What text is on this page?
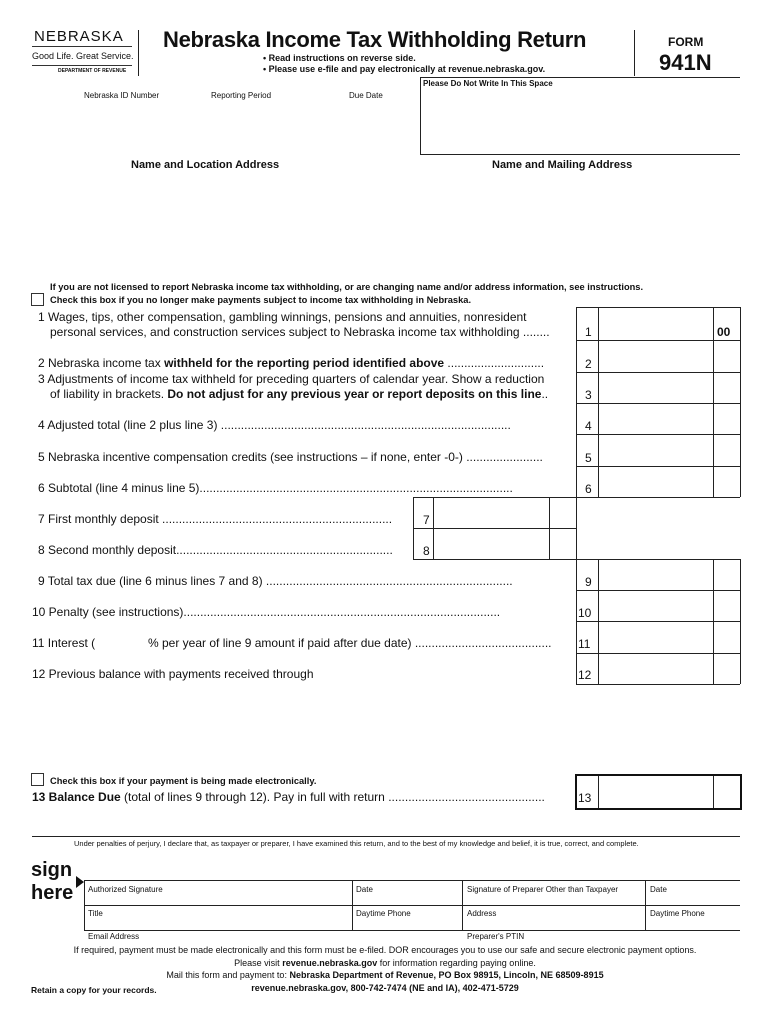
NEBRASKA
Good Life. Great Service.
DEPARTMENT OF REVENUE
Nebraska Income Tax Withholding Return
• Read instructions on reverse side.
• Please use e-file and pay electronically at revenue.nebraska.gov.
FORM
941N
Please Do Not Write In This Space
Nebraska ID Number	Reporting Period	Due Date
Name and Location Address	Name and Mailing Address
If you are not licensed to report Nebraska income tax withholding, or are changing name and/or address information, see instructions.
Check this box if you no longer make payments subject to income tax withholding in Nebraska.
1 Wages, tips, other compensation, gambling winnings, pensions and annuities, nonresident
personal services, and construction services subject to Nebraska income tax withholding ........	1	00
2 Nebraska income tax withheld for the reporting period identified above .............................	2
3 Adjustments of income tax withheld for preceding quarters of calendar year. Show a reduction
of liability in brackets. Do not adjust for any previous year or report deposits on this line..	3
4 Adjusted total (line 2 plus line 3) .......................................................................................	4
5 Nebraska incentive compensation credits (see instructions – if none, enter -0-) .......................	5
6 Subtotal (line 4 minus line 5)..............................................................................................	6
7 First monthly deposit .....................................................................	7
8 Second monthly deposit.................................................................	8
9 Total tax due (line 6 minus lines 7 and 8) ..........................................................................	9
10 Penalty (see instructions)...............................................................................................	10
11 Interest (	% per year of line 9 amount if paid after due date) ......................................... 11
12 Previous balance with payments received through	12
Check this box if your payment is being made electronically.
13 Balance Due (total of lines 9 through 12). Pay in full with return ...............................................	13
Under penalties of perjury, I declare that, as taxpayer or preparer, I have examined this return, and to the best of my knowledge and belief, it is true, correct, and complete.
sign
here Authorized Signature	Date	Signature of Preparer Other than Taxpayer	Date
Title	Daytime Phone	Address	Daytime Phone
Email Address	Preparer's PTIN
If required, payment must be made electronically and this form must be e-filed. DOR encourages you to use our safe and secure electronic payment options.
Please visit revenue.nebraska.gov for information regarding paying online.
Mail this form and payment to: Nebraska Department of Revenue, PO Box 98915, Lincoln, NE 68509-8915
Retain a copy for your records.	revenue.nebraska.gov, 800-742-7474 (NE and IA), 402-471-5729
